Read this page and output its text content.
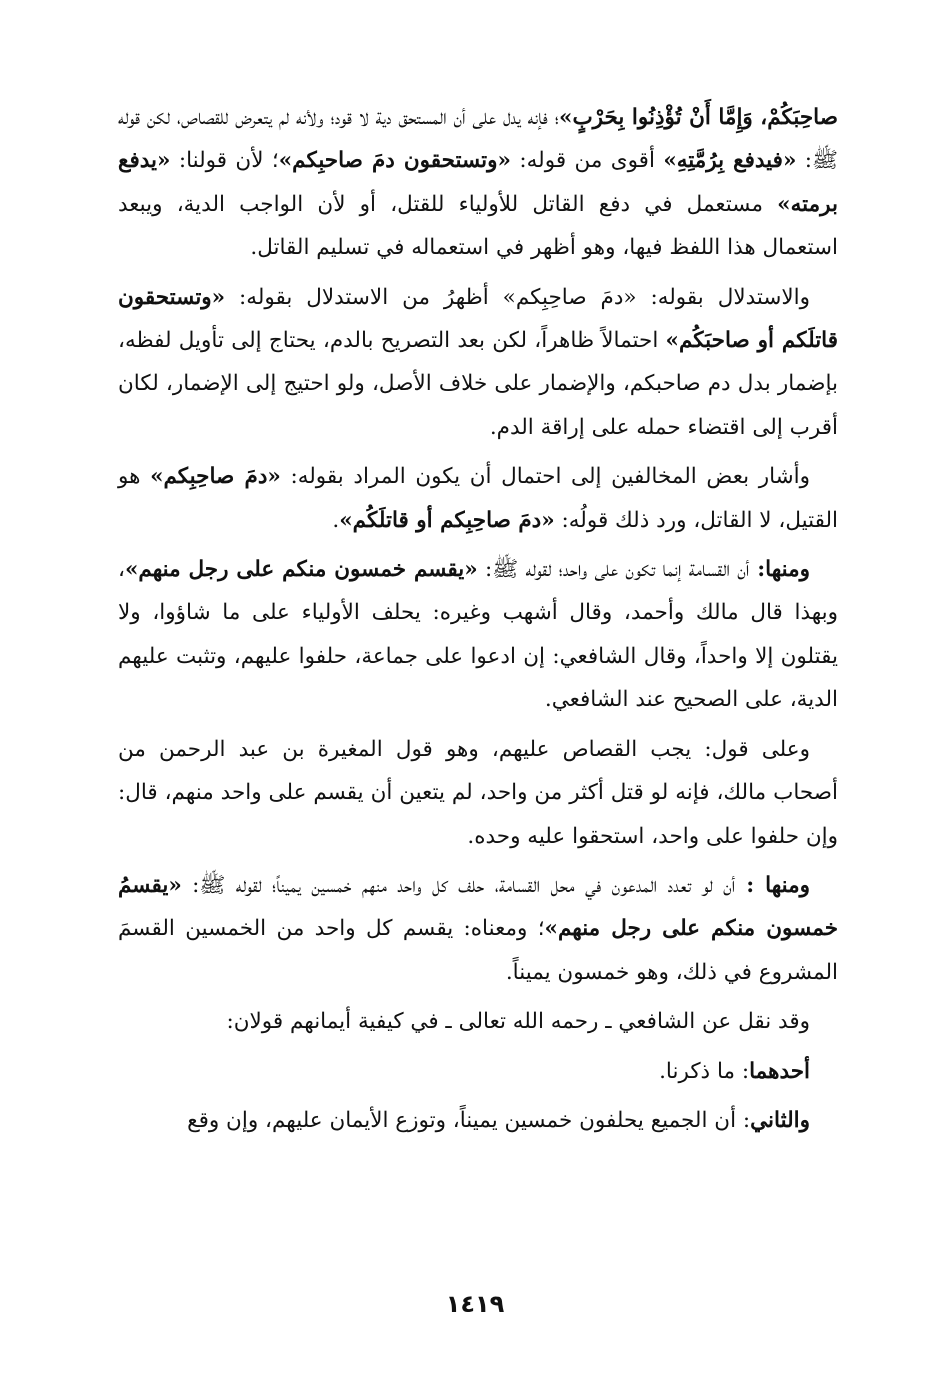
صاحِبَكُمْ، وَإِمَّا أَنْ تُؤْذِنُوا بِحَرْبٍ»؛ فإنه يدل على أن المستحق دية لا قود؛ ولأنه لم يتعرض للقصاص، لكن قوله ﷺ: «فيدفع بِرُمَّتِهِ» أقوى من قوله: «وتستحقون دمَ صاحبِكم»؛ لأن قولنا: «يدفع برمته» مستعمل في دفع القاتل للأولياء للقتل، أو لأن الواجب الدية، ويبعد استعمال هذا اللفظ فيها، وهو أظهر في استعماله في تسليم القاتل.

والاستدلال بقوله: «دمَ صاحِبِكم» أظهرُ من الاستدلال بقوله: «وتستحقون قاتلَكم أو صاحبَكُم» احتمالاً ظاهراً، لكن بعد التصريح بالدم، يحتاج إلى تأويل لفظه، بإضمار بدل دم صاحبكم، والإضمار على خلاف الأصل، ولو احتيج إلى الإضمار، لكان أقرب إلى اقتضاء حمله على إراقة الدم.

وأشار بعض المخالفين إلى احتمال أن يكون المراد بقوله: «دمَ صاحِبِكم» هو القتيل، لا القاتل، ورد ذلك قولُه: «دمَ صاحِبِكم أو قاتلَكُم».

ومنها: أن القسامة إنما تكون على واحد؛ لقوله ﷺ: «يقسم خمسون منكم على رجل منهم»، وبهذا قال مالك وأحمد، وقال أشهب وغيره: يحلف الأولياء على ما شاؤوا، ولا يقتلون إلا واحداً، وقال الشافعي: إن ادعوا على جماعة، حلفوا عليهم، وتثبت عليهم الدية، على الصحيح عند الشافعي.

وعلى قول: يجب القصاص عليهم، وهو قول المغيرة بن عبد الرحمن من أصحاب مالك، فإنه لو قتل أكثر من واحد، لم يتعين أن يقسم على واحد منهم، قال: وإن حلفوا على واحد، استحقوا عليه وحده.

ومنها : أن لو تعدد المدعون في محل القسامة، حلف كل واحد منهم خمسين يميناً؛ لقوله ﷺ: «يقسمُ خمسون منكم على رجل منهم»؛ ومعناه: يقسم كل واحد من الخمسين القسمَ المشروع في ذلك، وهو خمسون يميناً.

وقد نقل عن الشافعي ـ رحمه الله تعالى ـ في كيفية أيمانهم قولان:

أحدهما: ما ذكرنا.

والثاني: أن الجميع يحلفون خمسين يميناً، وتوزع الأيمان عليهم، وإن وقع

١٤١٩
